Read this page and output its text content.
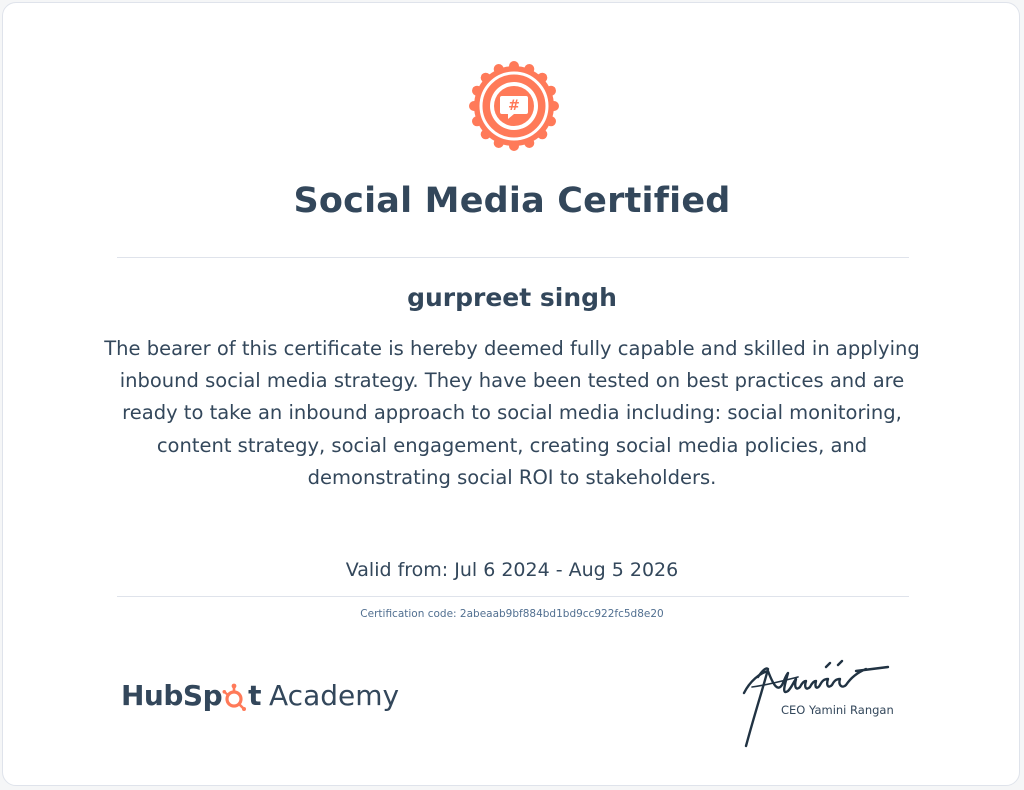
#
Social Media Certified
gurpreet singh

The bearer of this certificate is hereby deemed fully capable and skilled in applying inbound social media strategy. They have been tested on best practices and are ready to take an inbound approach to social media including: social monitoring, content strategy, social engagement, creating social media policies, and demonstrating social ROI to stakeholders.

Valid from: Jul 6 2024 - Aug 5 2026
Certification code: 2abeaab9bf884bd1bd9cc922fc5d8e20
HubSp t Academy	CEO Yamini Rangan
